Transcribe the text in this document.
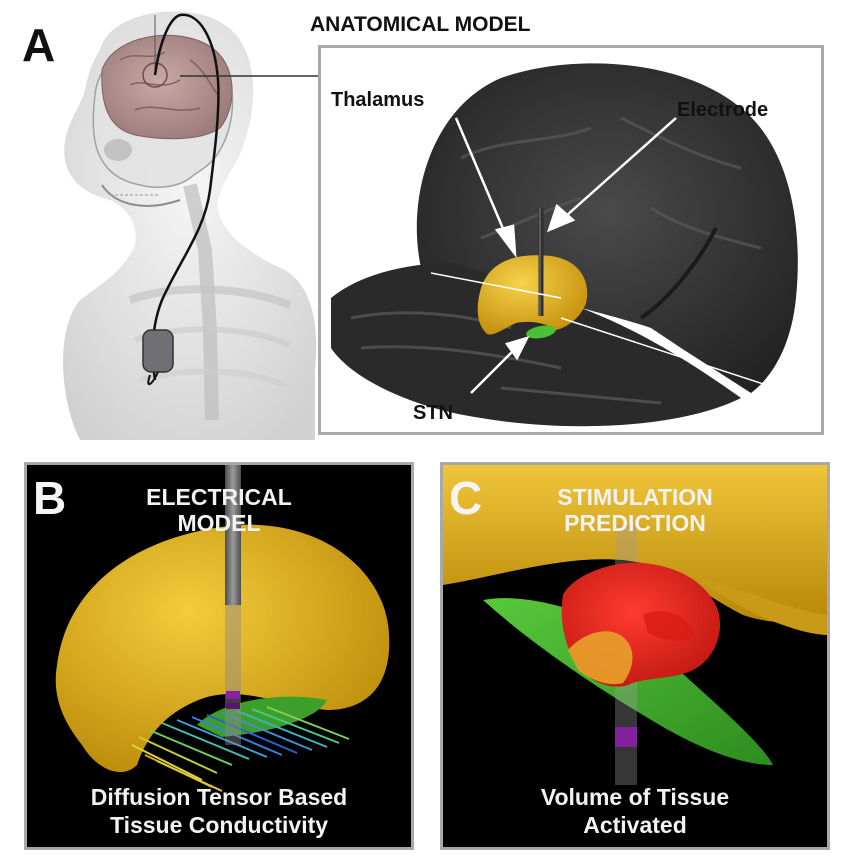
A	ANATOMICAL MODEL
Thalamus	Electrode
STN
B	ELECTRICAL
MODEL
Diffusion Tensor Based
Tissue Conductivity
C	STIMULATION
PREDICTION
Volume of Tissue
Activated
